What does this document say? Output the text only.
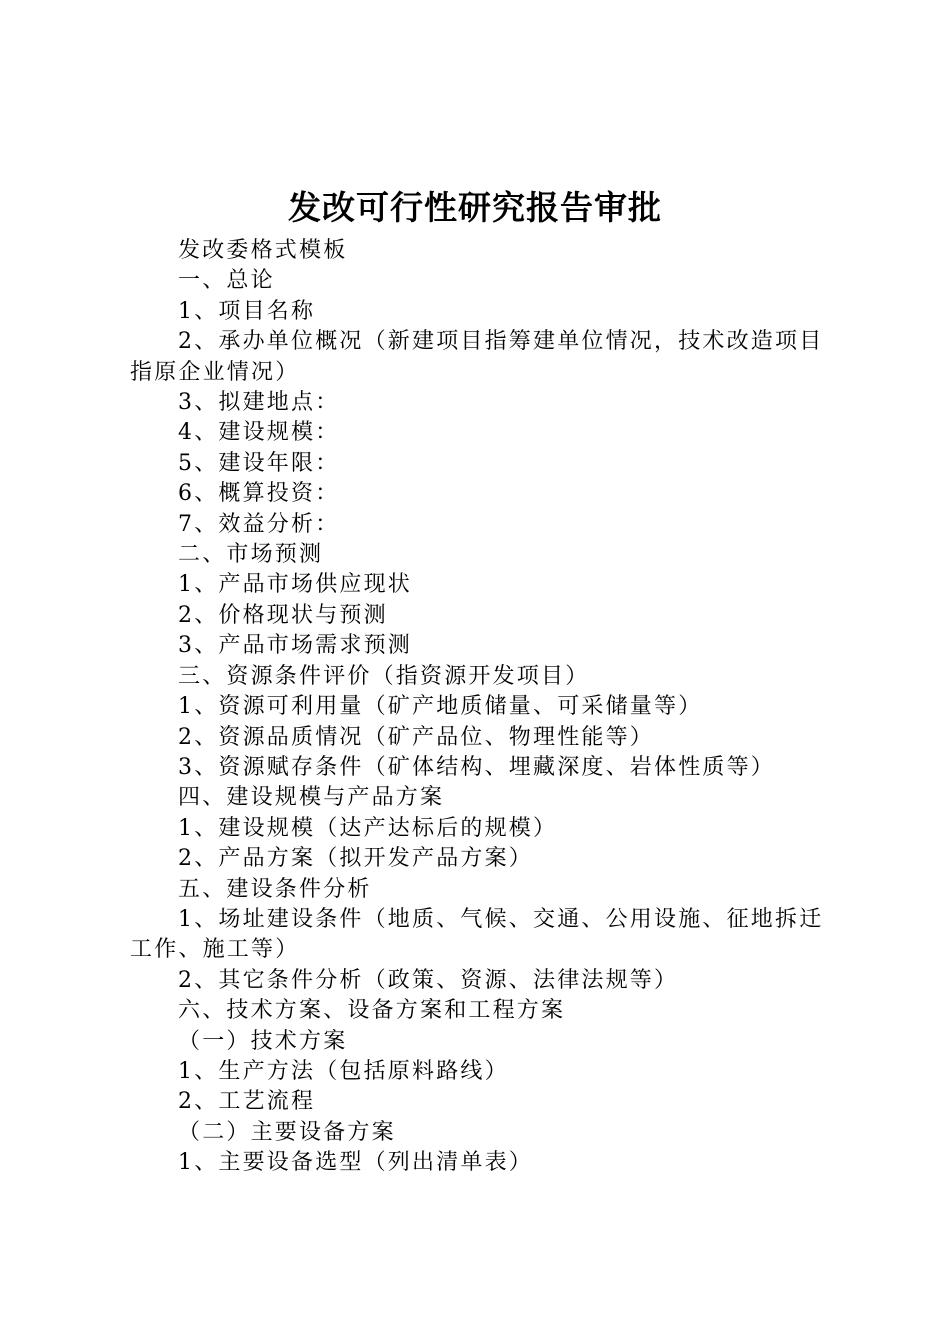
发改可行性研究报告审批

发改委格式模板

一、总论

1、项目名称

2、承办单位概况（新建项目指筹建单位情况，技术改造项目指原企业情况）

3、拟建地点：

4、建设规模：

5、建设年限：

6、概算投资：

7、效益分析：

二、市场预测

1、产品市场供应现状

2、价格现状与预测

3、产品市场需求预测

三、资源条件评价（指资源开发项目）

1、资源可利用量（矿产地质储量、可采储量等）

2、资源品质情况（矿产品位、物理性能等）

3、资源赋存条件（矿体结构、埋藏深度、岩体性质等）

四、建设规模与产品方案

1、建设规模（达产达标后的规模）

2、产品方案（拟开发产品方案）

五、建设条件分析

1、场址建设条件（地质、气候、交通、公用设施、征地拆迁工作、施工等）

2、其它条件分析（政策、资源、法律法规等）

六、技术方案、设备方案和工程方案

（一）技术方案

1、生产方法（包括原料路线）

2、工艺流程

（二）主要设备方案

1、主要设备选型（列出清单表）
